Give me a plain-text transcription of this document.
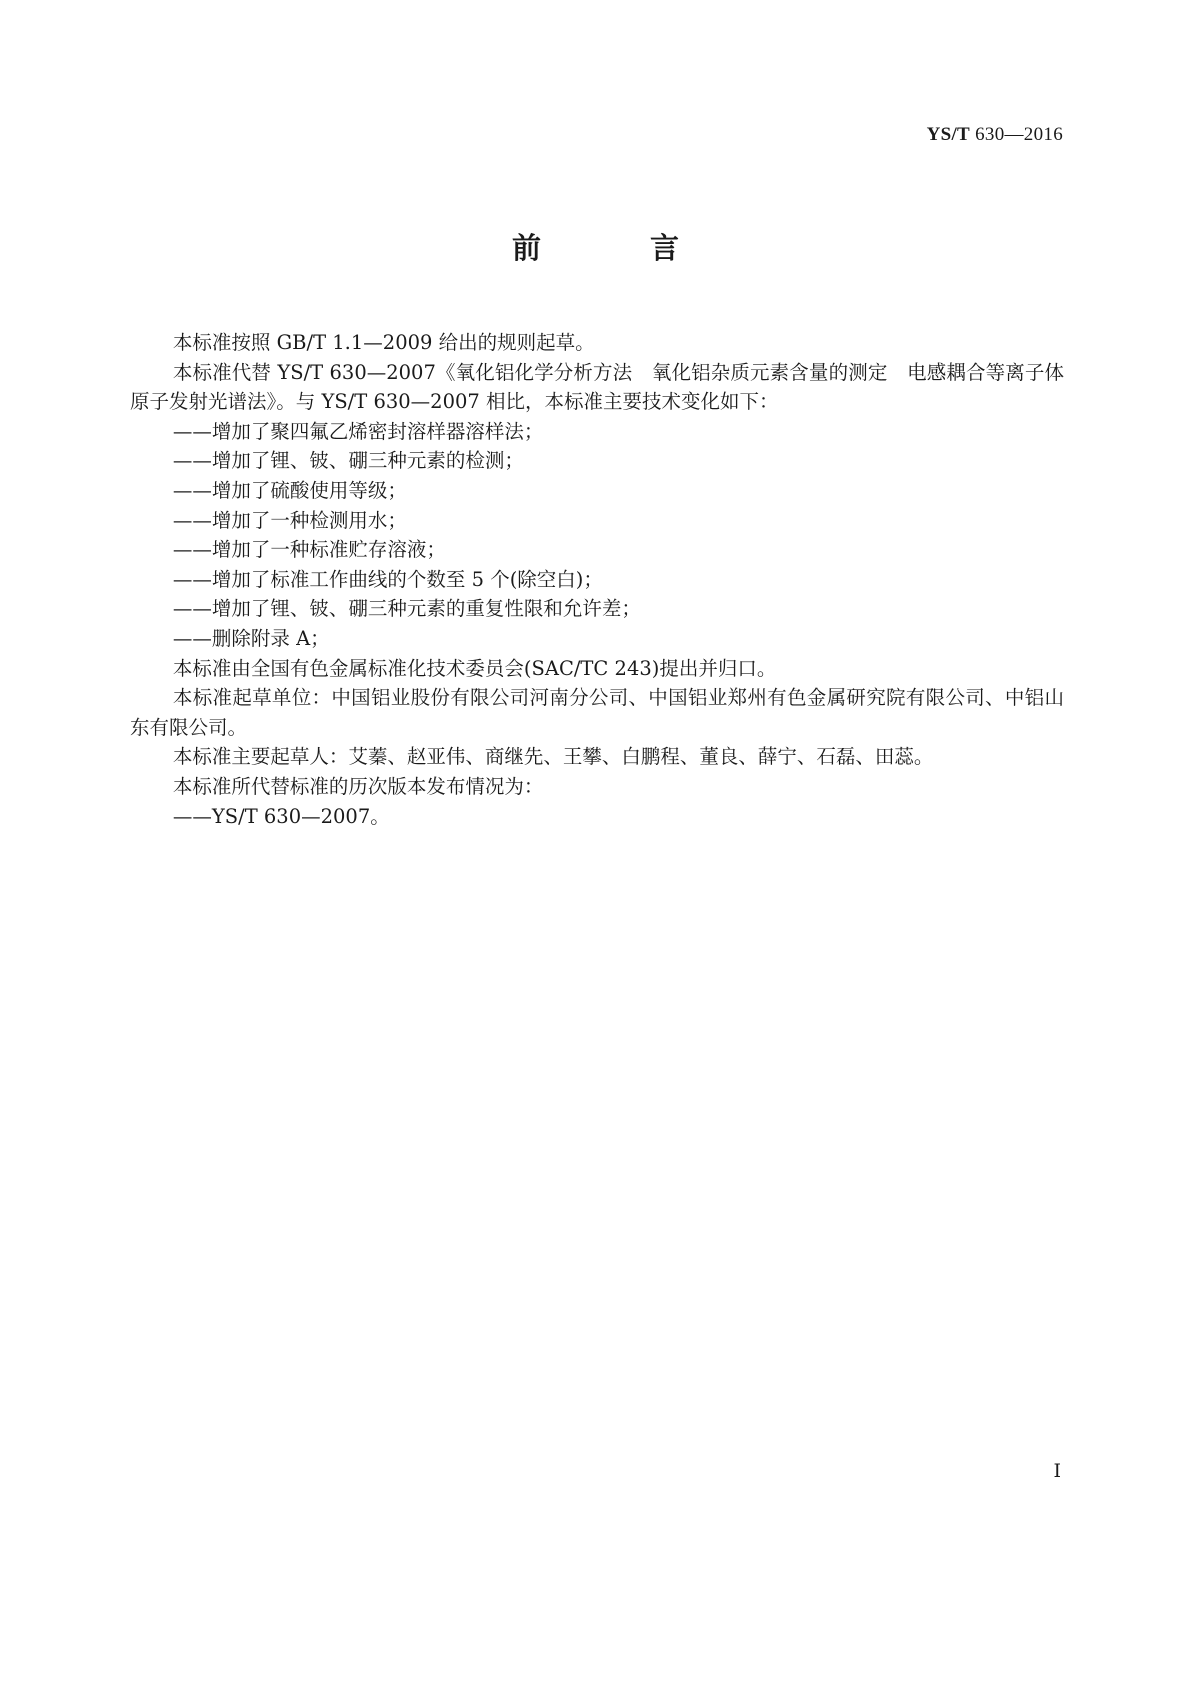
YS/T 630—2016
前　言

本标准按照 GB/T 1.1—2009 给出的规则起草。

本标准代替 YS/T 630—2007《氧化铝化学分析方法　氧化铝杂质元素含量的测定　电感耦合等离子体原子发射光谱法》。与 YS/T 630—2007 相比，本标准主要技术变化如下：

——增加了聚四氟乙烯密封溶样器溶样法；

——增加了锂、铍、硼三种元素的检测；

——增加了硫酸使用等级；

——增加了一种检测用水；

——增加了一种标准贮存溶液；

——增加了标准工作曲线的个数至 5 个(除空白)；

——增加了锂、铍、硼三种元素的重复性限和允许差；

——删除附录 A；

本标准由全国有色金属标准化技术委员会(SAC/TC 243)提出并归口。

本标准起草单位：中国铝业股份有限公司河南分公司、中国铝业郑州有色金属研究院有限公司、中铝山东有限公司。

本标准主要起草人：艾蓁、赵亚伟、商继先、王攀、白鹏程、董良、薛宁、石磊、田蕊。

本标准所代替标准的历次版本发布情况为：

——YS/T 630—2007。

Ⅰ
